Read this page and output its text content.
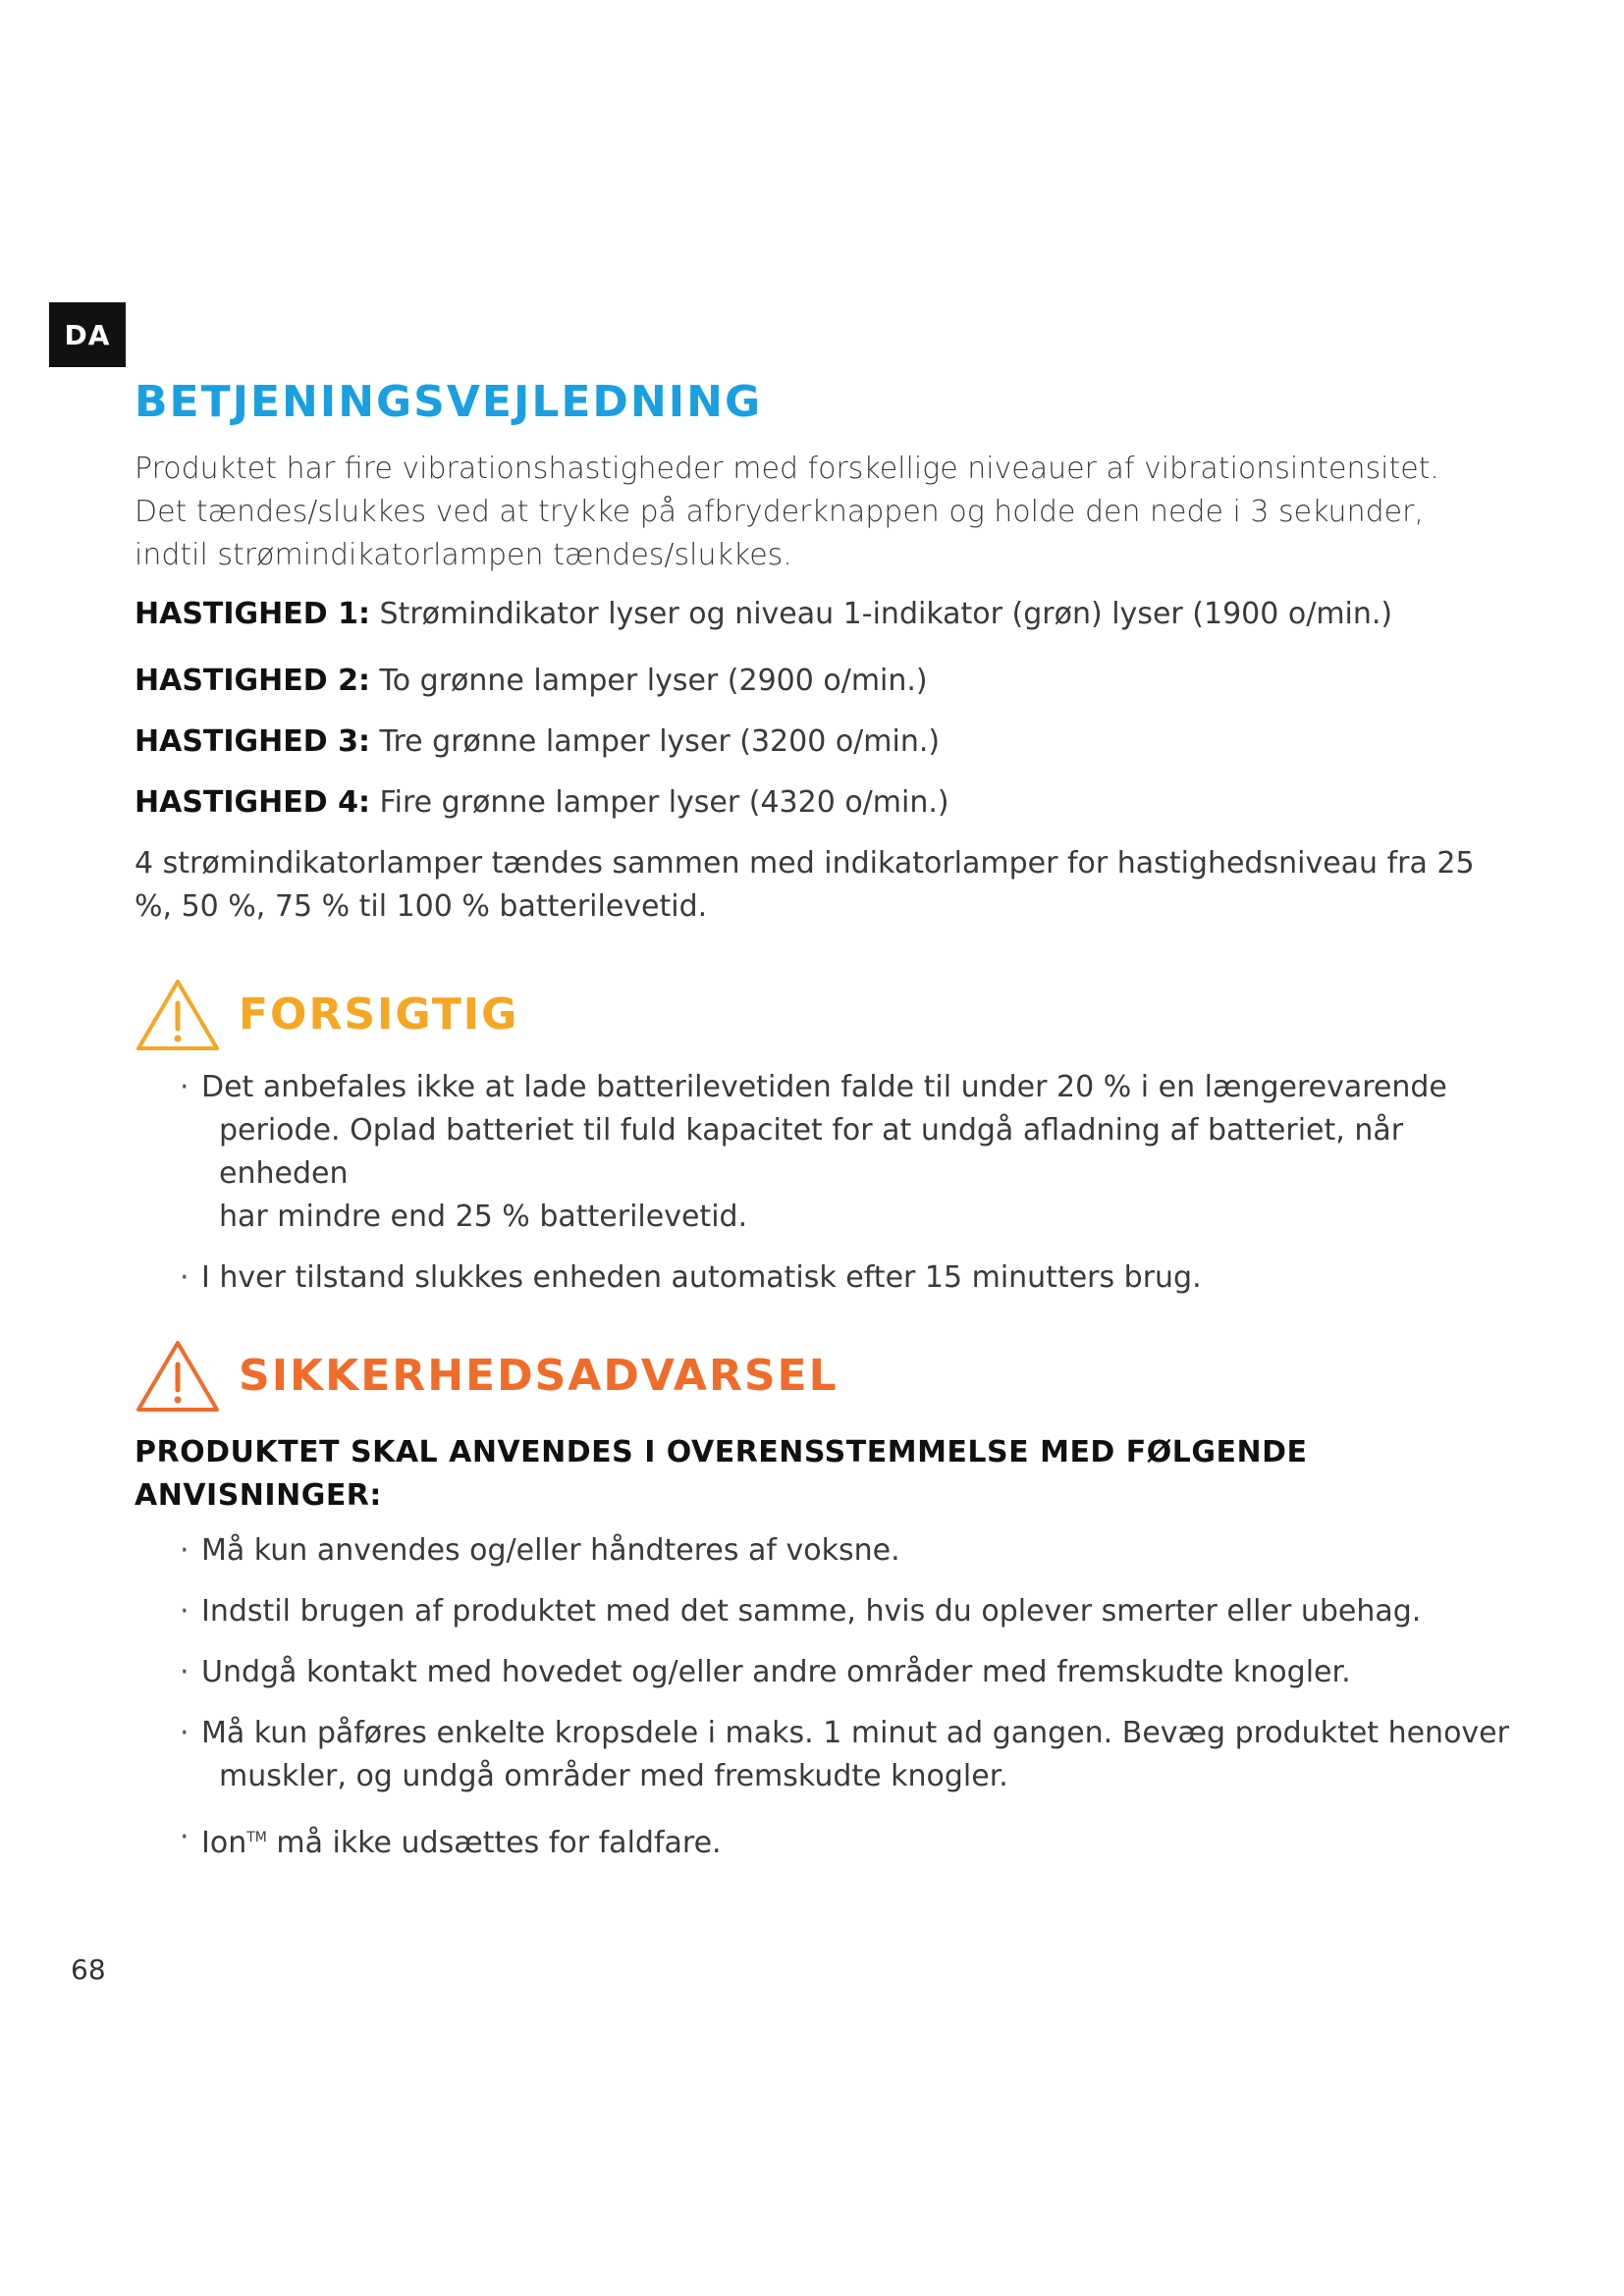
DA
BETJENINGSVEJLEDNING

Produktet har fire vibrationshastigheder med forskellige niveauer af vibrationsintensitet. Det tændes/slukkes ved at trykke på afbryderknappen og holde den nede i 3 sekunder, indtil strømindikatorlampen tændes/slukkes.

HASTIGHED 1: Strømindikator lyser og niveau 1-indikator (grøn) lyser (1900 o/min.)

HASTIGHED 2: To grønne lamper lyser (2900 o/min.)

HASTIGHED 3: Tre grønne lamper lyser (3200 o/min.)

HASTIGHED 4: Fire grønne lamper lyser (4320 o/min.)

4 strømindikatorlamper tændes sammen med indikatorlamper for hastighedsniveau fra 25 %, 50 %, 75 % til 100 % batterilevetid.

FORSIGTIG
· Det anbefales ikke at lade batterilevetiden falde til under 20 % i en længerevarende
periode. Oplad batteriet til fuld kapacitet for at undgå afladning af batteriet, når enheden
har mindre end 25 % batterilevetid.
· I hver tilstand slukkes enheden automatisk efter 15 minutters brug.
SIKKERHEDSADVARSEL

PRODUKTET SKAL ANVENDES I OVERENSSTEMMELSE MED FØLGENDE ANVISNINGER:

· Må kun anvendes og/eller håndteres af voksne.
· Indstil brugen af produktet med det samme, hvis du oplever smerter eller ubehag.
· Undgå kontakt med hovedet og/eller andre områder med fremskudte knogler.
· Må kun påføres enkelte kropsdele i maks. 1 minut ad gangen. Bevæg produktet henover
muskler, og undgå områder med fremskudte knogler.
· Ion™ må ikke udsættes for faldfare.
68
